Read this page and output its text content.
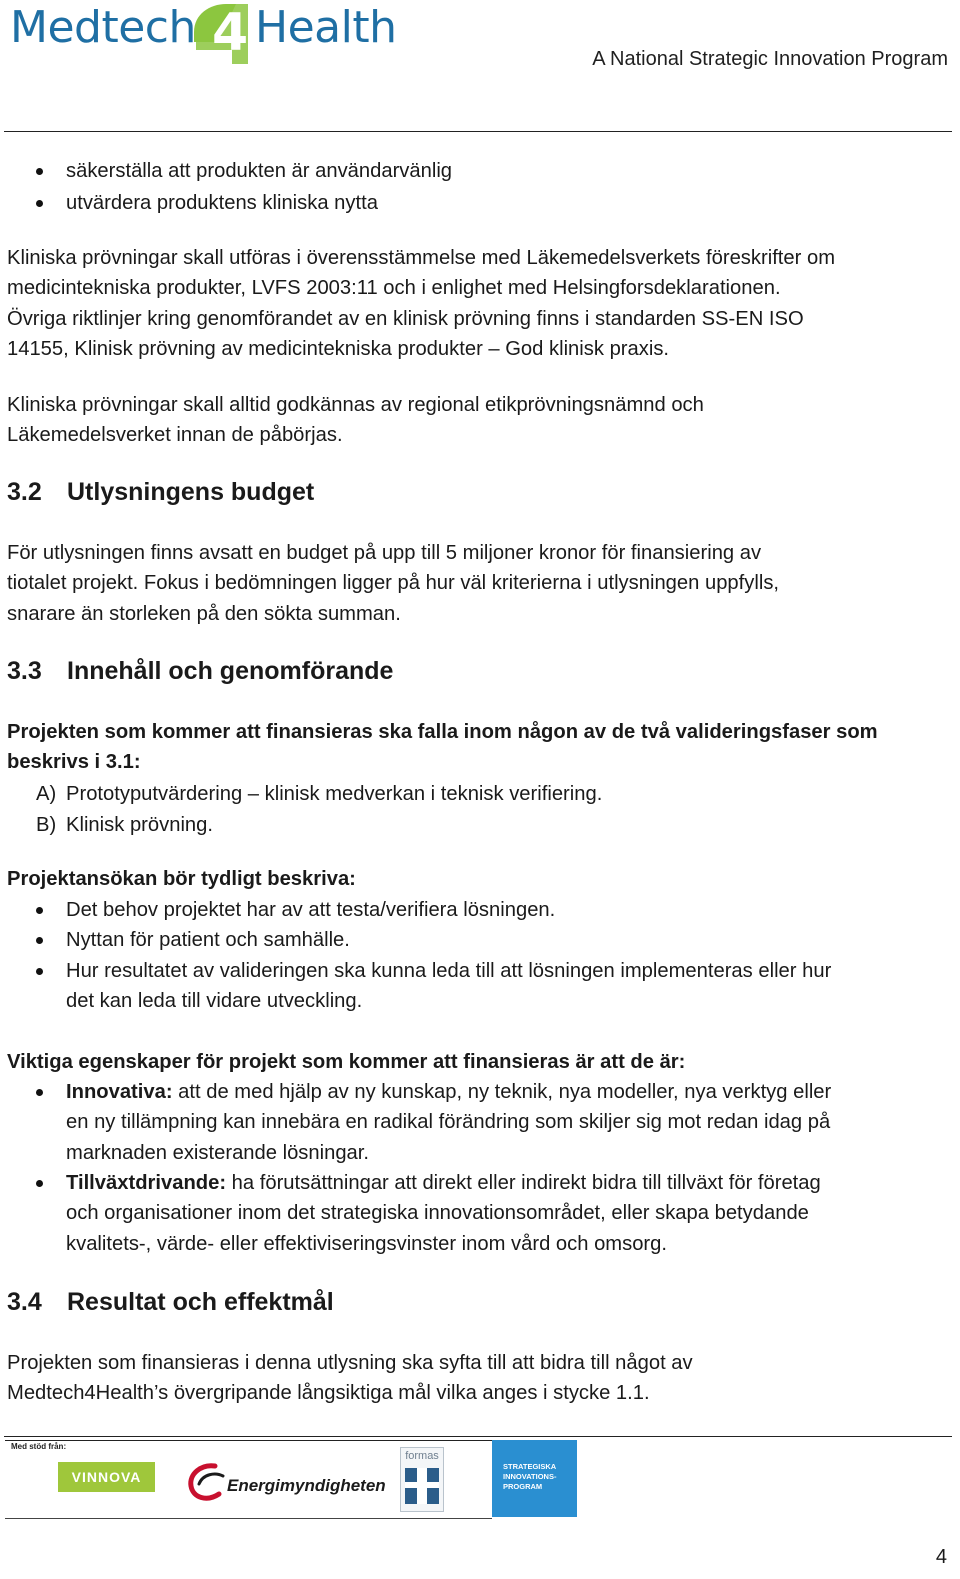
Medtech 4 Health
A National Strategic Innovation Program
säkerställa att produkten är användarvänlig
utvärdera produktens kliniska nytta
Kliniska prövningar skall utföras i överensstämmelse med Läkemedelsverkets föreskrifter om
medicintekniska produkter, LVFS 2003:11 och i enlighet med Helsingforsdeklarationen.
Övriga riktlinjer kring genomförandet av en klinisk prövning finns i standarden SS-EN ISO
14155, Klinisk prövning av medicintekniska produkter – God klinisk praxis.
Kliniska prövningar skall alltid godkännas av regional etikprövningsnämnd och
Läkemedelsverket innan de påbörjas.
3.2 Utlysningens budget
För utlysningen finns avsatt en budget på upp till 5 miljoner kronor för finansiering av
tiotalet projekt. Fokus i bedömningen ligger på hur väl kriterierna i utlysningen uppfylls,
snarare än storleken på den sökta summan.
3.3 Innehåll och genomförande
Projekten som kommer att finansieras ska falla inom någon av de två valideringsfaser som
beskrivs i 3.1:
A) Prototyputvärdering – klinisk medverkan i teknisk verifiering.
B) Klinisk prövning.
Projektansökan bör tydligt beskriva:
Det behov projektet har av att testa/verifiera lösningen.
Nyttan för patient och samhälle.
Hur resultatet av valideringen ska kunna leda till att lösningen implementeras eller hur
det kan leda till vidare utveckling.
Viktiga egenskaper för projekt som kommer att finansieras är att de är:
Innovativa: att de med hjälp av ny kunskap, ny teknik, nya modeller, nya verktyg eller
en ny tillämpning kan innebära en radikal förändring som skiljer sig mot redan idag på
marknaden existerande lösningar.
Tillväxtdrivande: ha förutsättningar att direkt eller indirekt bidra till tillväxt för företag
och organisationer inom det strategiska innovationsområdet, eller skapa betydande
kvalitets-, värde- eller effektiviseringsvinster inom vård och omsorg.
3.4 Resultat och effektmål
Projekten som finansieras i denna utlysning ska syfta till att bidra till något av
Medtech4Health’s övergripande långsiktiga mål vilka anges i stycke 1.1.
Med stöd från:
VINNOVA	Energimyndigheten
formas
STRATEGISKA
INNOVATIONS-
PROGRAM
4
